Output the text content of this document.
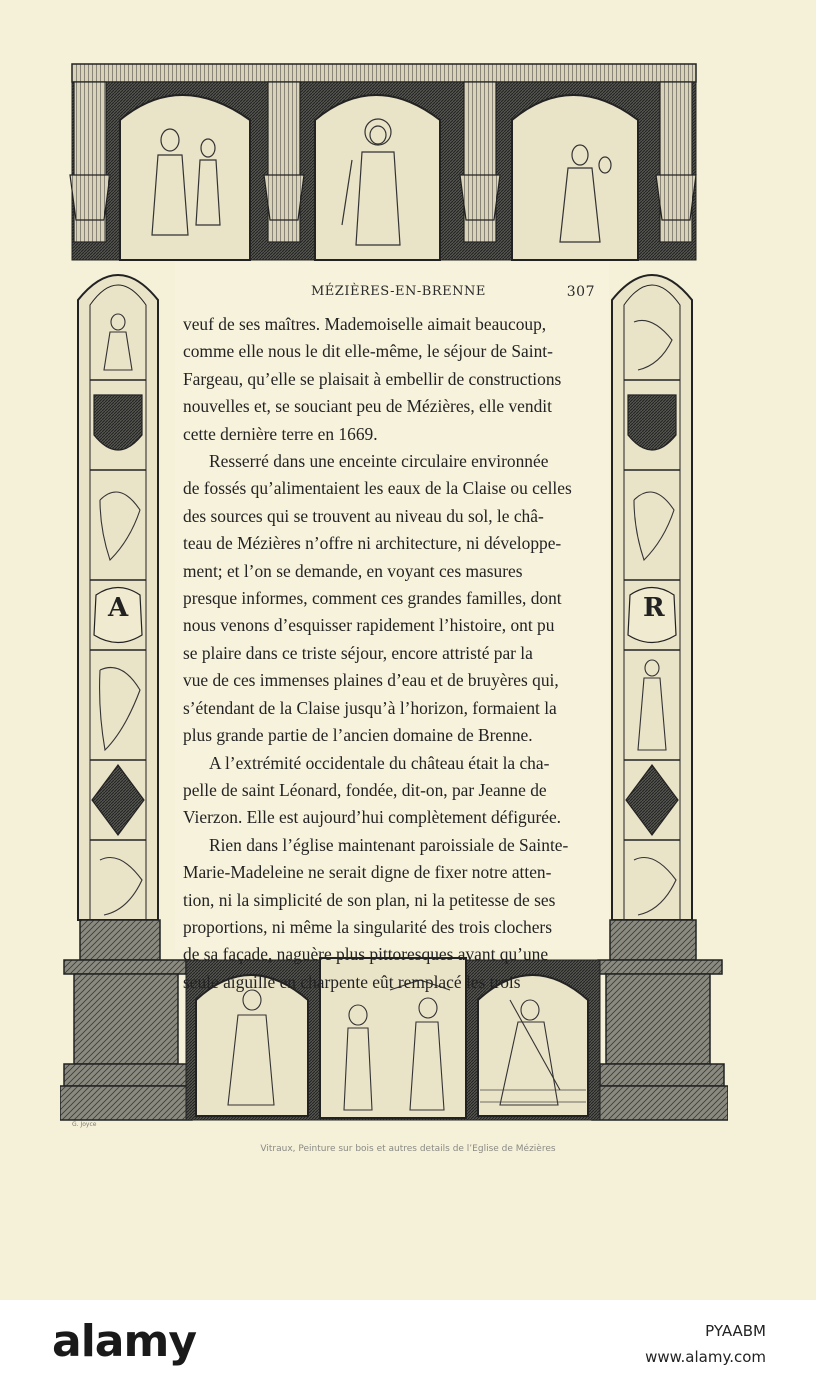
A	R
MÉZIÈRES-EN-BRENNE	307

veuf de ses maîtres. Mademoiselle aimait beaucoup,

comme elle nous le dit elle-même, le séjour de Saint-

Fargeau, qu’elle se plaisait à embellir de constructions

nouvelles et, se souciant peu de Mézières, elle vendit

cette dernière terre en 1669.

Resserré dans une enceinte circulaire environnée

de fossés qu’alimentaient les eaux de la Claise ou celles

des sources qui se trouvent au niveau du sol, le châ-

teau de Mézières n’offre ni architecture, ni développe-

ment; et l’on se demande, en voyant ces masures

presque informes, comment ces grandes familles, dont

nous venons d’esquisser rapidement l’histoire, ont pu

se plaire dans ce triste séjour, encore attristé par la

vue de ces immenses plaines d’eau et de bruyères qui,

s’étendant de la Claise jusqu’à l’horizon, formaient la

plus grande partie de l’ancien domaine de Brenne.

A l’extrémité occidentale du château était la cha-

pelle de saint Léonard, fondée, dit-on, par Jeanne de

Vierzon. Elle est aujourd’hui complètement défigurée.

Rien dans l’église maintenant paroissiale de Sainte-

Marie-Madeleine ne serait digne de fixer notre atten-

tion, ni la simplicité de son plan, ni la petitesse de ses

proportions, ni même la singularité des trois clochers

de sa façade, naguère plus pittoresques avant qu’une

seule aiguille en charpente eût remplacé les trois

G. Joyce
Vitraux, Peinture sur bois et autres details de l’Eglise de Mézières
alamy	PYAABM
www.alamy.com
